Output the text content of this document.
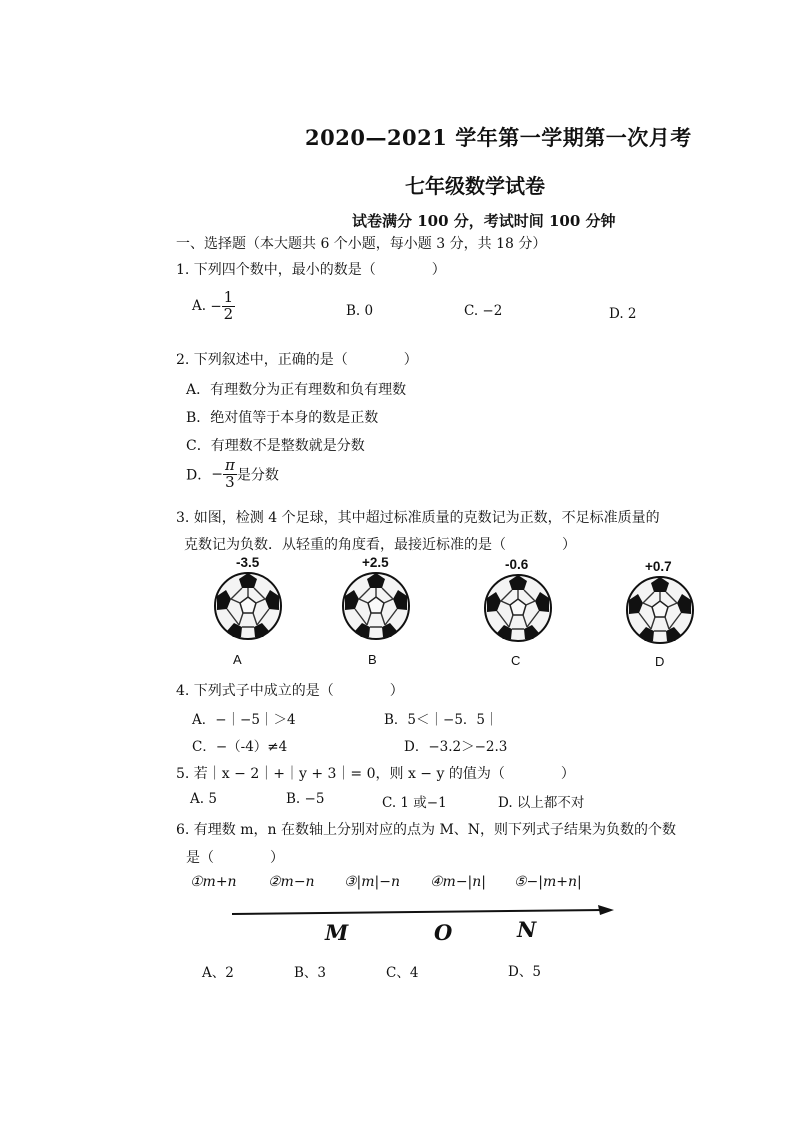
2020—2021 学年第一学期第一次月考
七年级数学试卷
试卷满分 100 分，考试时间 100 分钟
一、选择题（本大题共 6 个小题，每小题 3 分，共 18 分）
1. 下列四个数中，最小的数是（　　　　）
A. − $\frac{1}{2}$	B. 0	C. −2	D. 2
2. 下列叙述中，正确的是（　　　　）
A．有理数分为正有理数和负有理数
B．绝对值等于本身的数是正数
C．有理数不是整数就是分数
D．− $\frac{\pi}{3}$ 是分数
3. 如图，检测 4 个足球，其中超过标准质量的克数记为正数，不足标准质量的
克数记为负数．从轻重的角度看，最接近标准的是（　　　　）
-3.5	+2.5	-0.6	+0.7
A	B	C	D
4. 下列式子中成立的是（　　　　）
A．−｜−5｜＞4	B．5＜｜−5．5｜
C．−（-4）≠4	D．−3.2＞−2.3
5. 若｜x − 2｜+｜y + 3｜= 0，则 x − y 的值为（　　　　）
A. 5	B. −5	C. 1 或−1	D. 以上都不对
6. 有理数 m，n 在数轴上分别对应的点为 M、N，则下列式子结果为负数的个数
是（　　　　）
①m+n ②m−n ③|m|−n ④m−|n| ⑤−|m+n|
M	O	N
A、2	B、3	C、4	D、5
